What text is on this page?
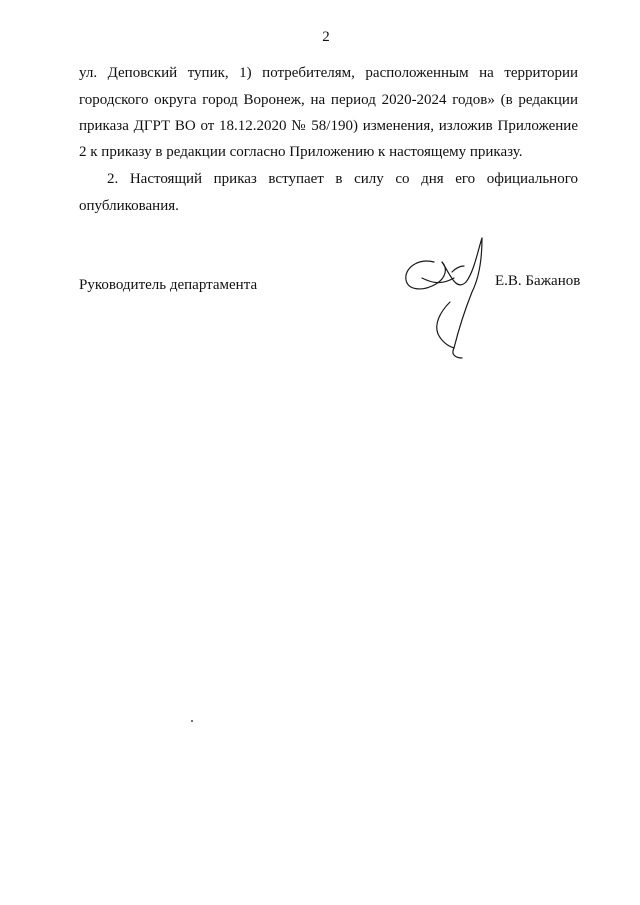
2
ул. Деповский тупик, 1) потребителям, расположенным на территории
городского округа город Воронеж, на период 2020-2024 годов» (в редакции
приказа ДГРТ ВО от 18.12.2020 № 58/190) изменения, изложив Приложение
2 к приказу в редакции согласно Приложению к настоящему приказу.
2. Настоящий приказ вступает в силу со дня его официального
опубликования.
Руководитель департамента	Е.В. Бажанов
